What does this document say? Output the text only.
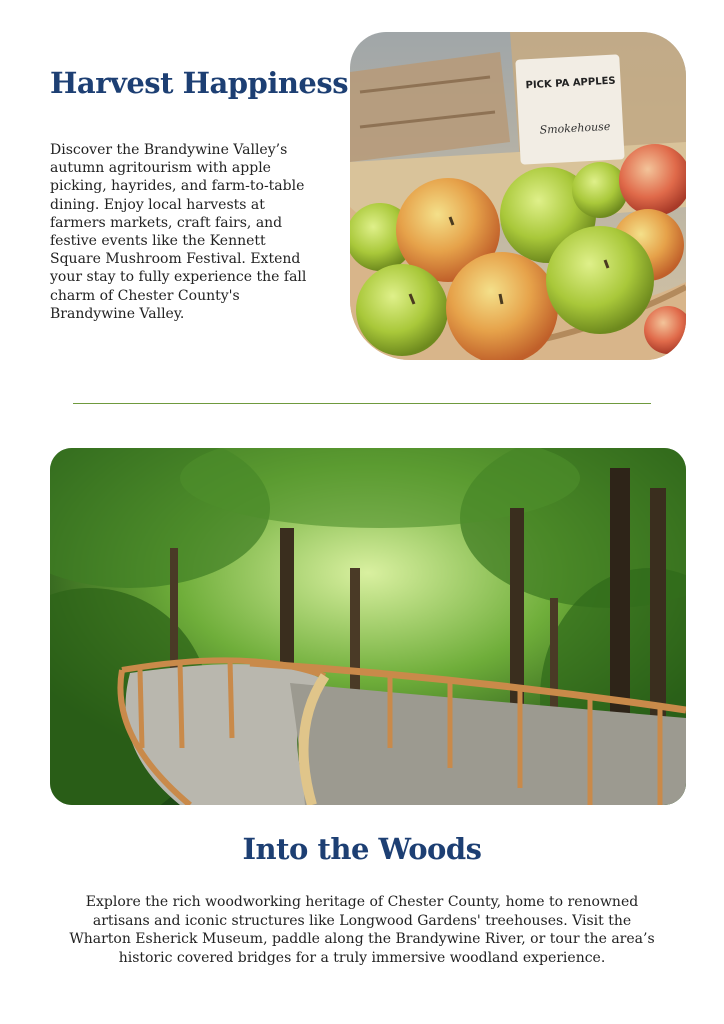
Harvest Happiness

Discover the Brandywine Valley’s autumn agritourism with apple picking, hayrides, and farm-to-table dining. Enjoy local harvests at farmers markets, craft fairs, and festive events like the Kennett Square Mushroom Festival. Extend your stay to fully experience the fall charm of Chester County's Brandywine Valley.

PICK PA APPLES
Smokehouse
Into the Woods

Explore the rich woodworking heritage of Chester County, home to renowned artisans and iconic structures like Longwood Gardens' treehouses. Visit the Wharton Esherick Museum, paddle along the Brandywine River, or tour the area’s historic covered bridges for a truly immersive woodland experience.
